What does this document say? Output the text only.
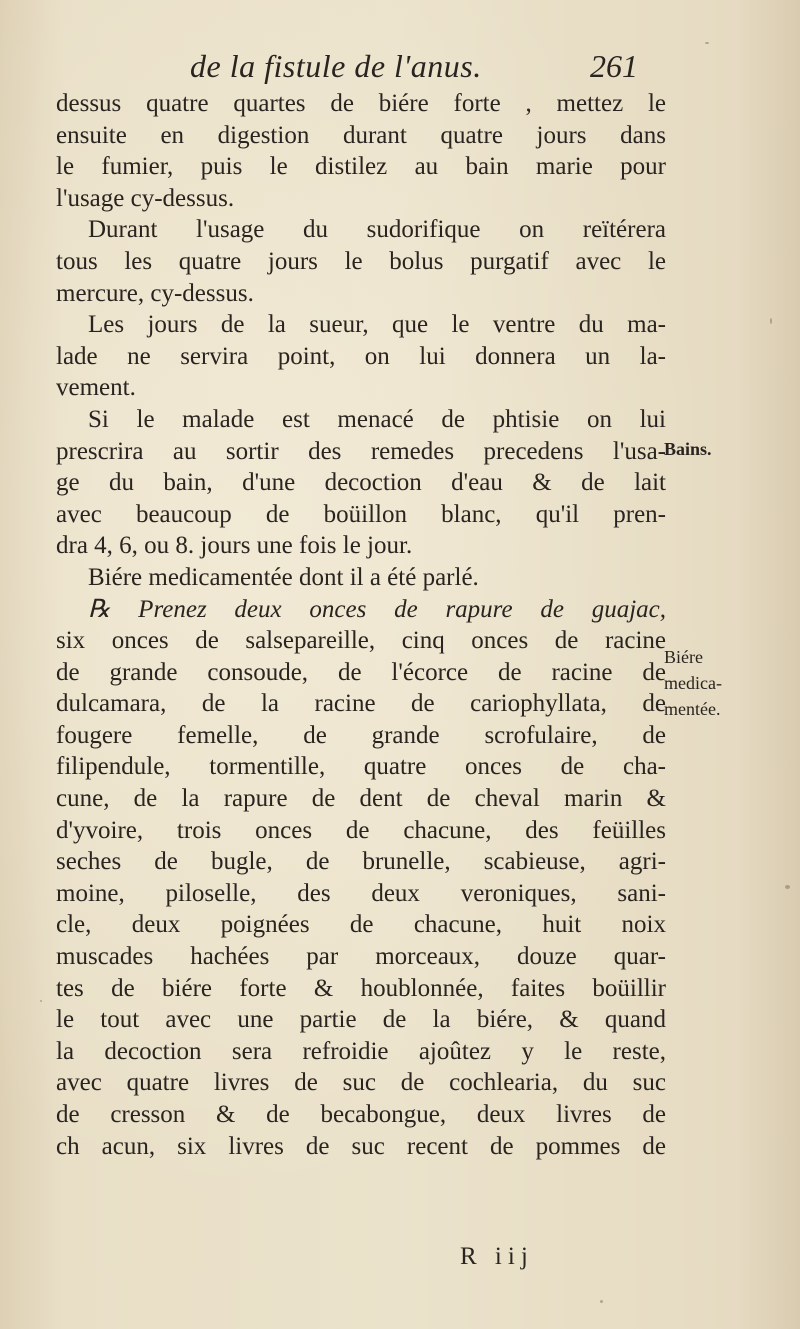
de la fistule de l'anus.	261
dessus quatre quartes de biére forte , mettez le
ensuite en digestion durant quatre jours dans
le fumier, puis le distilez au bain marie pour
l'usage cy-dessus.
Durant l'usage du sudorifique on reïtérera
tous les quatre jours le bolus purgatif avec le
mercure, cy-dessus.
Les jours de la sueur, que le ventre du ma-
lade ne servira point, on lui donnera un la-
vement.
Si le malade est menacé de phtisie on lui
prescrira au sortir des remedes precedens l'usa-
ge du bain, d'une decoction d'eau & de lait
avec beaucoup de boüillon blanc, qu'il pren-
dra 4, 6, ou 8. jours une fois le jour.
Biére medicamentée dont il a été parlé.
℞ Prenez deux onces de rapure de guajac,
six onces de salsepareille, cinq onces de racine
de grande consoude, de l'écorce de racine de
dulcamara, de la racine de cariophyllata, de
fougere femelle, de grande scrofulaire, de
filipendule, tormentille, quatre onces de cha-
cune, de la rapure de dent de cheval marin &
d'yvoire, trois onces de chacune, des feüilles
seches de bugle, de brunelle, scabieuse, agri-
moine, pilosellе, des deux veroniques, sani-
cle, deux poignées de chacune, huit noix
muscades hachées par morceaux, douze quar-
tes de biére forte & houblonnée, faites boüillir
le tout avec une partie de la biére, & quand
la decoction sera refroidie ajoûtez y le reste,
avec quatre livres de suc de cochlearia, du suc
de cresson & de becabongue, deux livres de
ch acun, six livres de suc recent de pommes de
Bains.
Biére
medica-
mentée.
R iij
